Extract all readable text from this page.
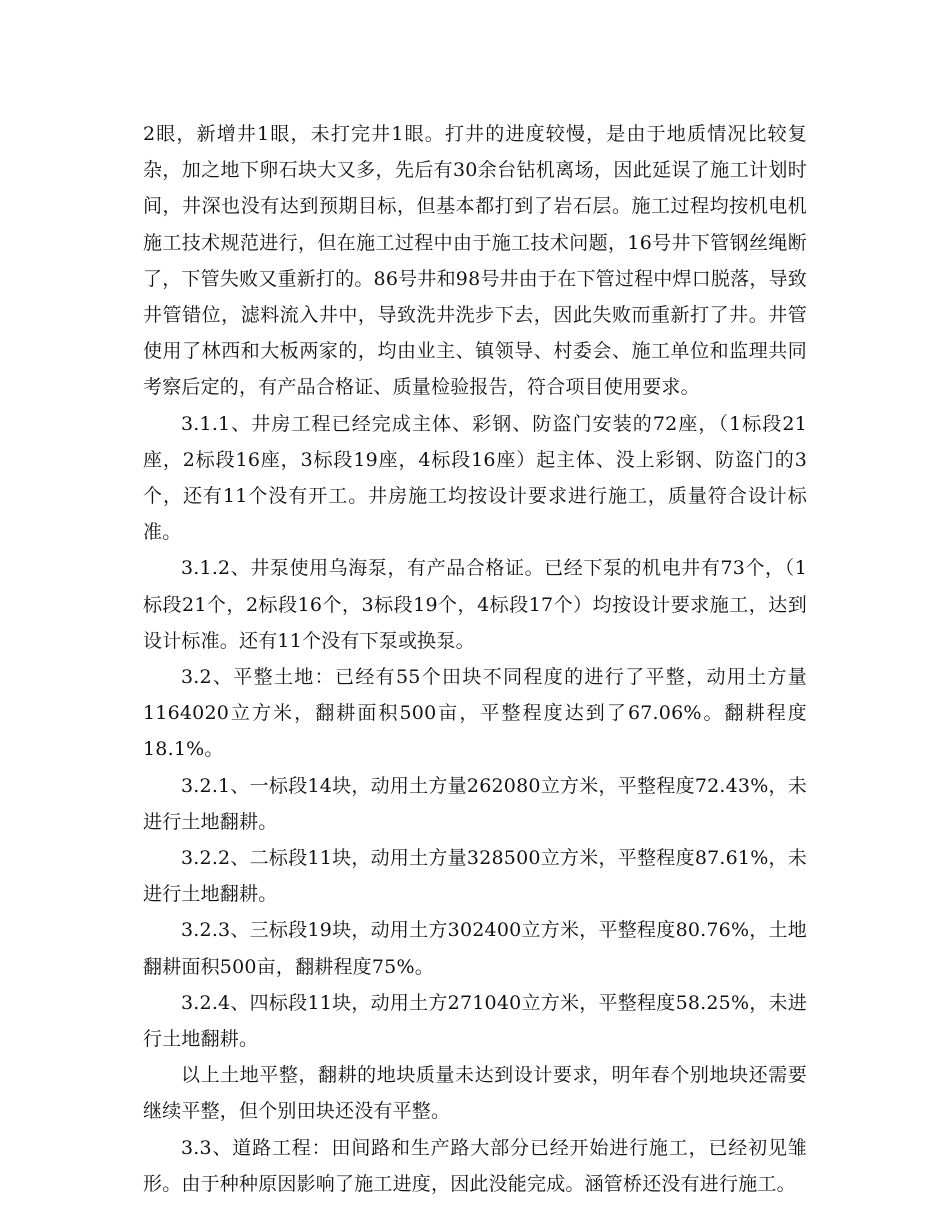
2眼，新增井1眼，未打完井1眼。打井的进度较慢，是由于地质情况比较复杂，加之地下卵石块大又多，先后有30余台钻机离场，因此延误了施工计划时间，井深也没有达到预期目标，但基本都打到了岩石层。施工过程均按机电机施工技术规范进行，但在施工过程中由于施工技术问题，16号井下管钢丝绳断了，下管失败又重新打的。86号井和98号井由于在下管过程中焊口脱落，导致井管错位，滤料流入井中，导致洗井洗步下去，因此失败而重新打了井。井管使用了林西和大板两家的，均由业主、镇领导、村委会、施工单位和监理共同考察后定的，有产品合格证、质量检验报告，符合项目使用要求。

3.1.1、井房工程已经完成主体、彩钢、防盗门安装的72座，（1标段21座，2标段16座，3标段19座，4标段16座）起主体、没上彩钢、防盗门的3个，还有11个没有开工。井房施工均按设计要求进行施工，质量符合设计标准。

3.1.2、井泵使用乌海泵，有产品合格证。已经下泵的机电井有73个，（1标段21个，2标段16个，3标段19个，4标段17个）均按设计要求施工，达到设计标准。还有11个没有下泵或换泵。

3.2、平整土地：已经有55个田块不同程度的进行了平整，动用土方量1164020立方米，翻耕面积500亩，平整程度达到了67.06%。翻耕程度18.1%。

3.2.1、一标段14块，动用土方量262080立方米，平整程度72.43%，未进行土地翻耕。

3.2.2、二标段11块，动用土方量328500立方米，平整程度87.61%，未进行土地翻耕。

3.2.3、三标段19块，动用土方302400立方米，平整程度80.76%，土地翻耕面积500亩，翻耕程度75%。

3.2.4、四标段11块，动用土方271040立方米，平整程度58.25%，未进行土地翻耕。

以上土地平整，翻耕的地块质量未达到设计要求，明年春个别地块还需要继续平整，但个别田块还没有平整。

3.3、道路工程：田间路和生产路大部分已经开始进行施工，已经初见雏形。由于种种原因影响了施工进度，因此没能完成。涵管桥还没有进行施工。
